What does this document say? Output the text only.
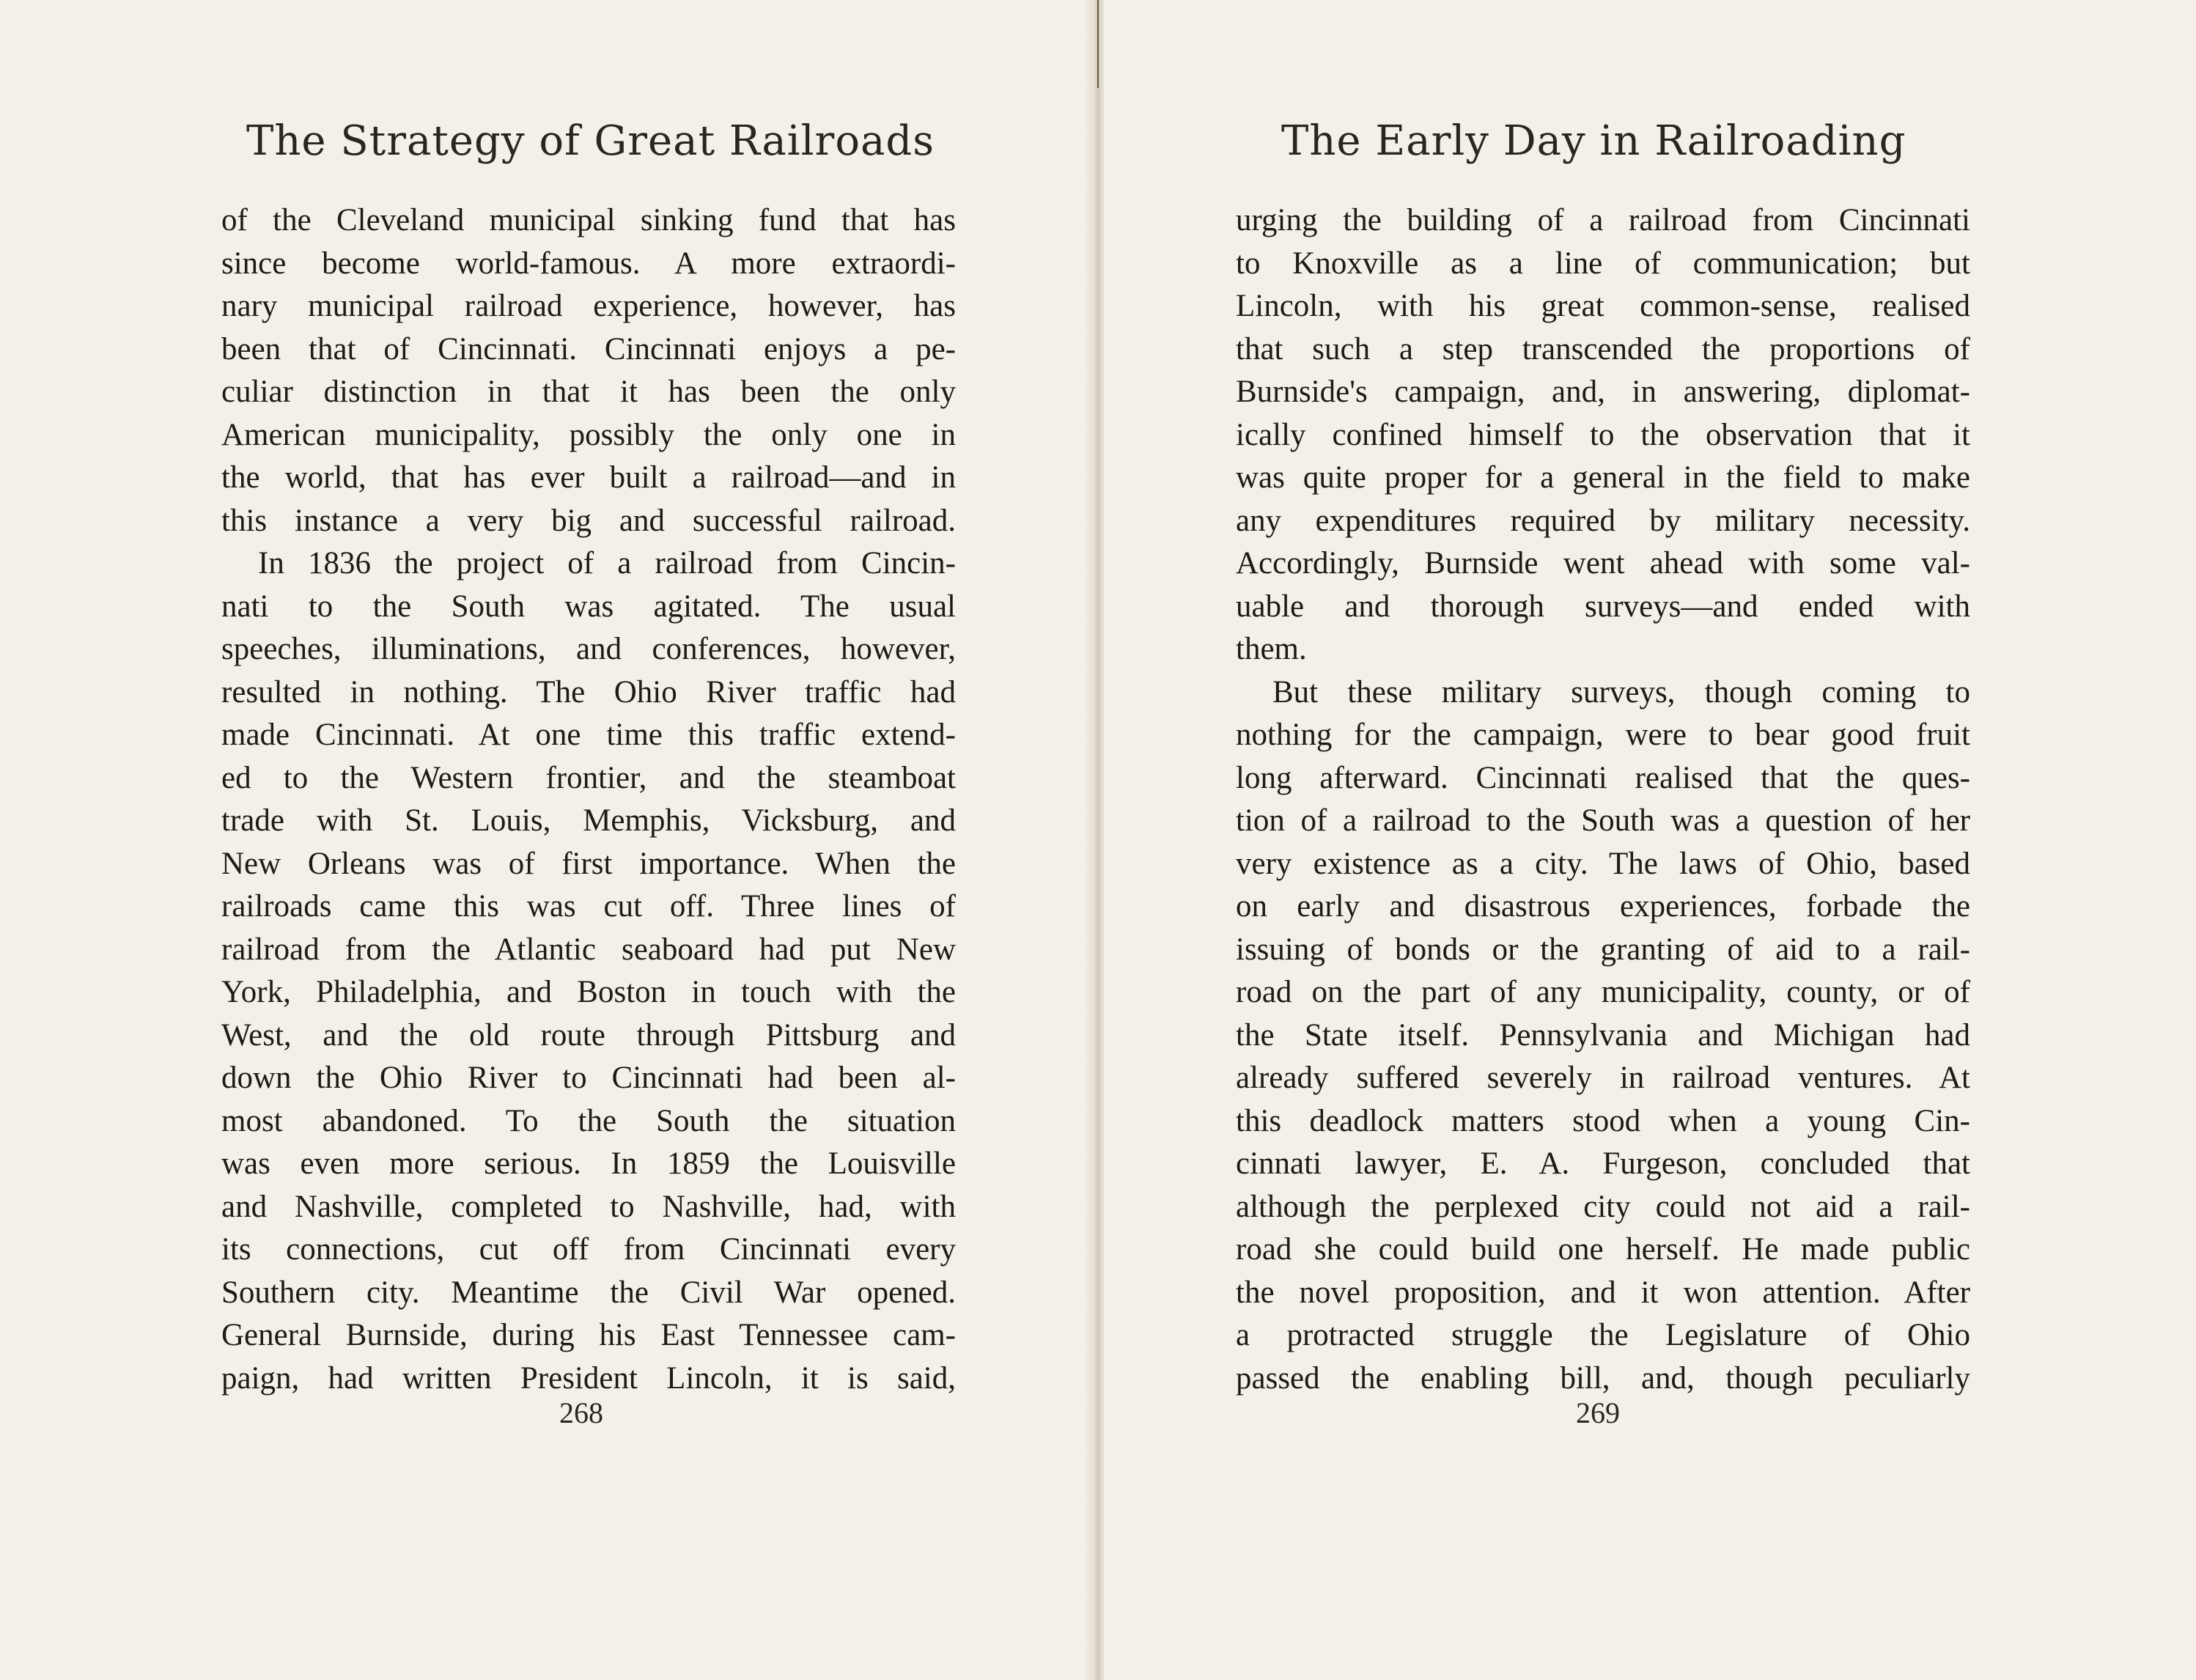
The Strategy of Great Railroads
of the Cleveland municipal sinking fund that has
since become world-famous. A more extraordi-
nary municipal railroad experience, however, has
been that of Cincinnati. Cincinnati enjoys a pe-
culiar distinction in that it has been the only
American municipality, possibly the only one in
the world, that has ever built a railroad—and in
this instance a very big and successful railroad.
In 1836 the project of a railroad from Cincin-
nati to the South was agitated. The usual
speeches, illuminations, and conferences, however,
resulted in nothing. The Ohio River traffic had
made Cincinnati. At one time this traffic extend-
ed to the Western frontier, and the steamboat
trade with St. Louis, Memphis, Vicksburg, and
New Orleans was of first importance. When the
railroads came this was cut off. Three lines of
railroad from the Atlantic seaboard had put New
York, Philadelphia, and Boston in touch with the
West, and the old route through Pittsburg and
down the Ohio River to Cincinnati had been al-
most abandoned. To the South the situation
was even more serious. In 1859 the Louisville
and Nashville, completed to Nashville, had, with
its connections, cut off from Cincinnati every
Southern city. Meantime the Civil War opened.
General Burnside, during his East Tennessee cam-
paign, had written President Lincoln, it is said,
268
The Early Day in Railroading
urging the building of a railroad from Cincinnati
to Knoxville as a line of communication; but
Lincoln, with his great common-sense, realised
that such a step transcended the proportions of
Burnside's campaign, and, in answering, diplomat-
ically confined himself to the observation that it
was quite proper for a general in the field to make
any expenditures required by military necessity.
Accordingly, Burnside went ahead with some val-
uable and thorough surveys—and ended with
them.
But these military surveys, though coming to
nothing for the campaign, were to bear good fruit
long afterward. Cincinnati realised that the ques-
tion of a railroad to the South was a question of her
very existence as a city. The laws of Ohio, based
on early and disastrous experiences, forbade the
issuing of bonds or the granting of aid to a rail-
road on the part of any municipality, county, or of
the State itself. Pennsylvania and Michigan had
already suffered severely in railroad ventures. At
this deadlock matters stood when a young Cin-
cinnati lawyer, E. A. Furgeson, concluded that
although the perplexed city could not aid a rail-
road she could build one herself. He made public
the novel proposition, and it won attention. After
a protracted struggle the Legislature of Ohio
passed the enabling bill, and, though peculiarly
269
